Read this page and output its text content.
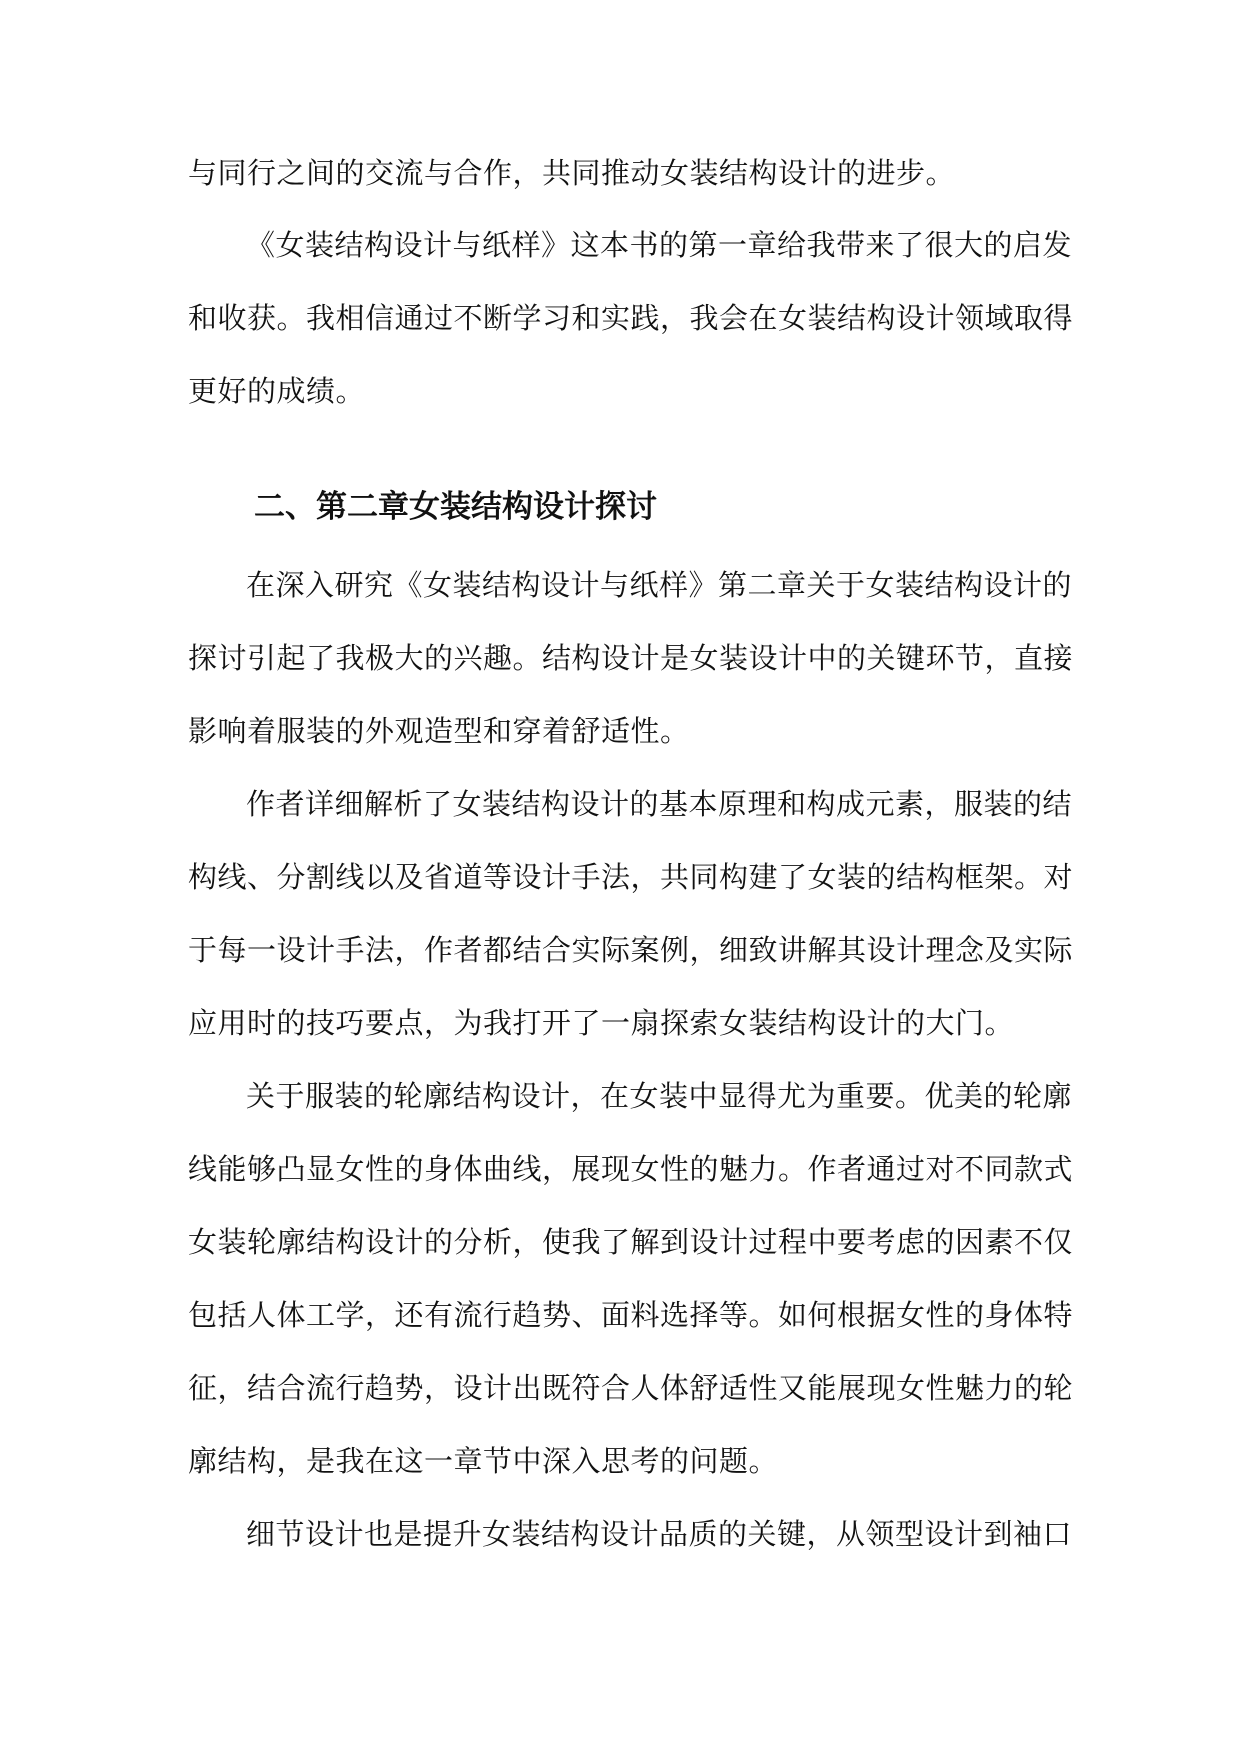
与同行之间的交流与合作，共同推动女装结构设计的进步。
《女装结构设计与纸样》这本书的第一章给我带来了很大的启发
和收获。我相信通过不断学习和实践，我会在女装结构设计领域取得
更好的成绩。
二、第二章女装结构设计探讨
在深入研究《女装结构设计与纸样》第二章关于女装结构设计的
探讨引起了我极大的兴趣。结构设计是女装设计中的关键环节，直接
影响着服装的外观造型和穿着舒适性。
作者详细解析了女装结构设计的基本原理和构成元素，服装的结
构线、分割线以及省道等设计手法，共同构建了女装的结构框架。对
于每一设计手法，作者都结合实际案例，细致讲解其设计理念及实际
应用时的技巧要点，为我打开了一扇探索女装结构设计的大门。
关于服装的轮廓结构设计，在女装中显得尤为重要。优美的轮廓
线能够凸显女性的身体曲线，展现女性的魅力。作者通过对不同款式
女装轮廓结构设计的分析，使我了解到设计过程中要考虑的因素不仅
包括人体工学，还有流行趋势、面料选择等。如何根据女性的身体特
征，结合流行趋势，设计出既符合人体舒适性又能展现女性魅力的轮
廓结构，是我在这一章节中深入思考的问题。
细节设计也是提升女装结构设计品质的关键，从领型设计到袖口
